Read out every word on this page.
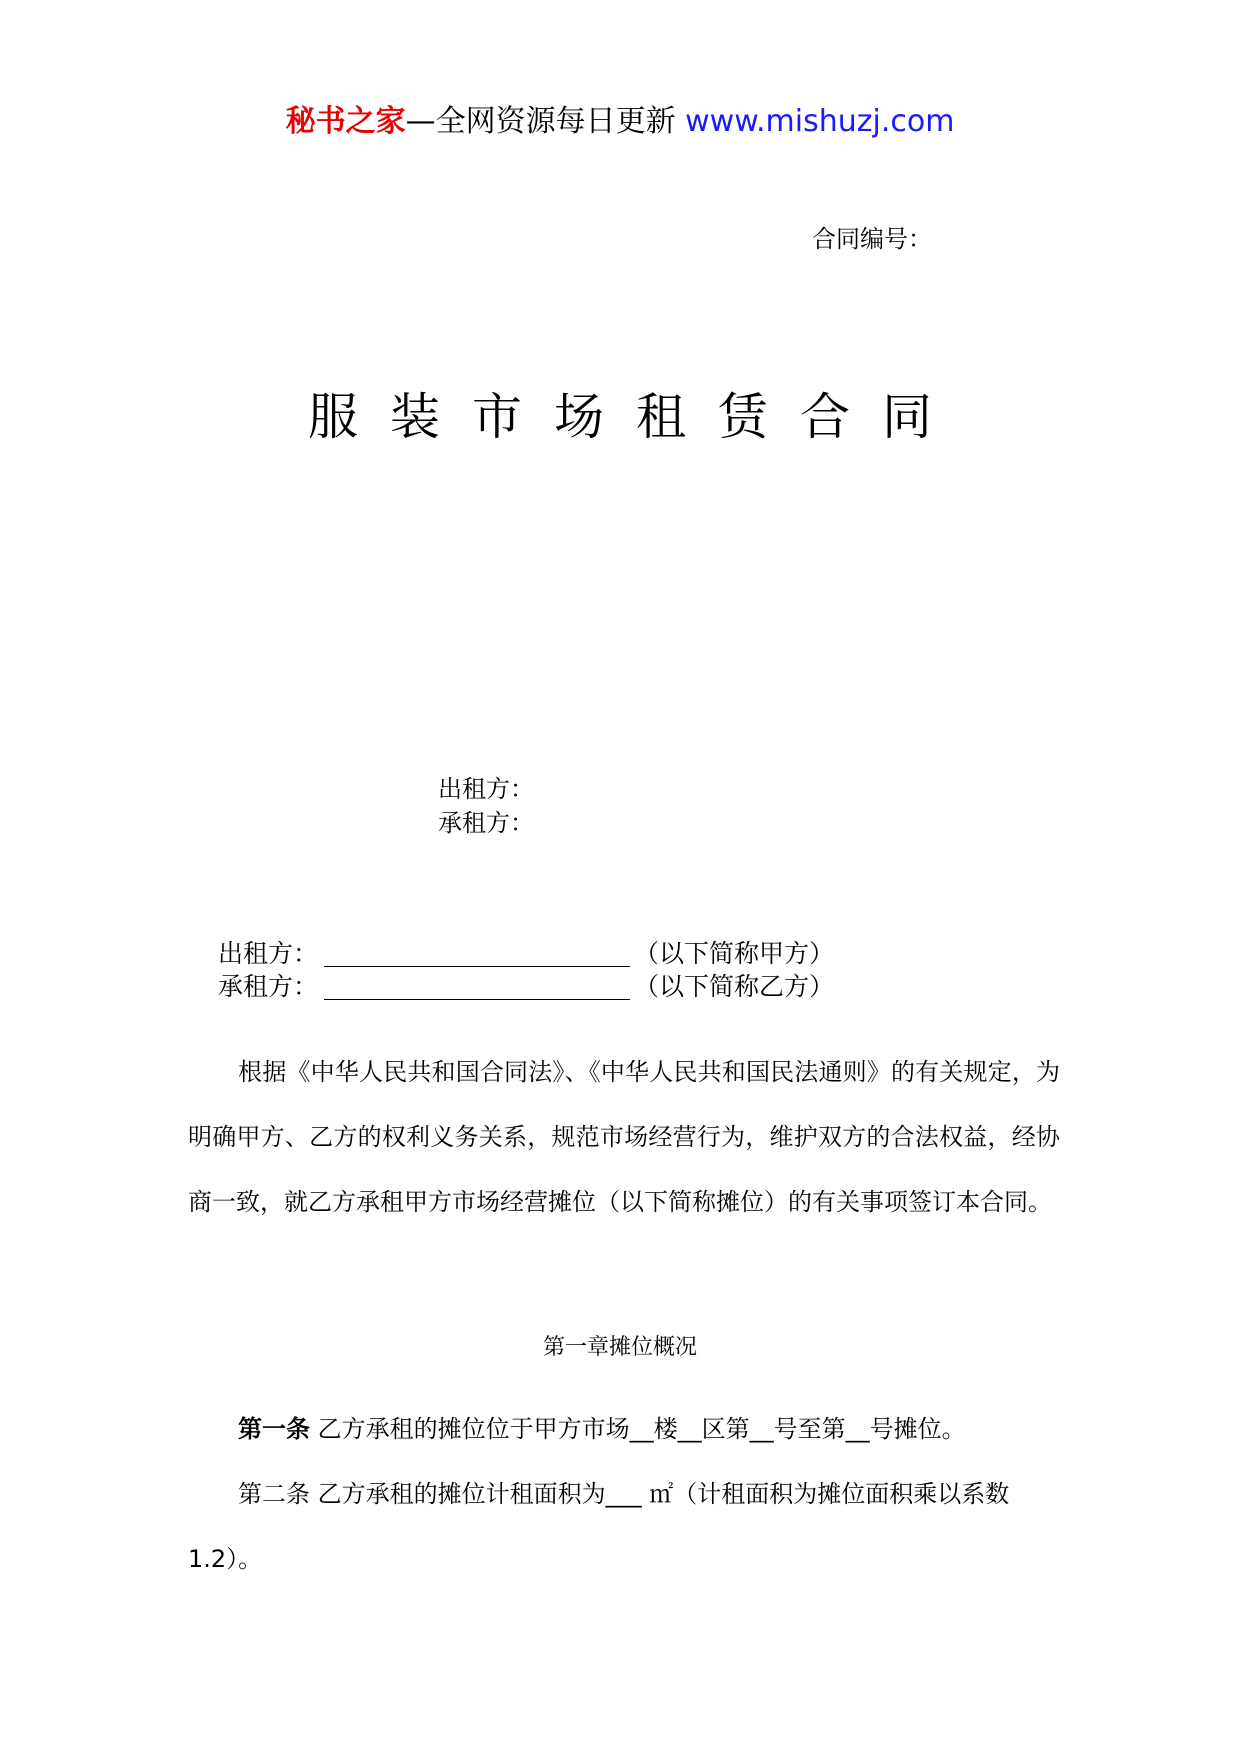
秘书之家—全网资源每日更新 www.mishuzj.com
合同编号：
服装市场租赁合同
出租方：
承租方：
出租方：	（以下简称甲方）
承租方：	（以下简称乙方）
根据《中华人民共和国合同法》、《中华人民共和国民法通则》的有关规定，为明确甲方、乙方的权利义务关系，规范市场经营行为，维护双方的合法权益，经协商一致，就乙方承租甲方市场经营摊位（以下简称摊位）的有关事项签订本合同。
第一章摊位概况
第一条 乙方承租的摊位位于甲方市场__楼__区第__号至第__号摊位。
第二条 乙方承租的摊位计租面积为___ ㎡（计租面积为摊位面积乘以系数1.2）。
